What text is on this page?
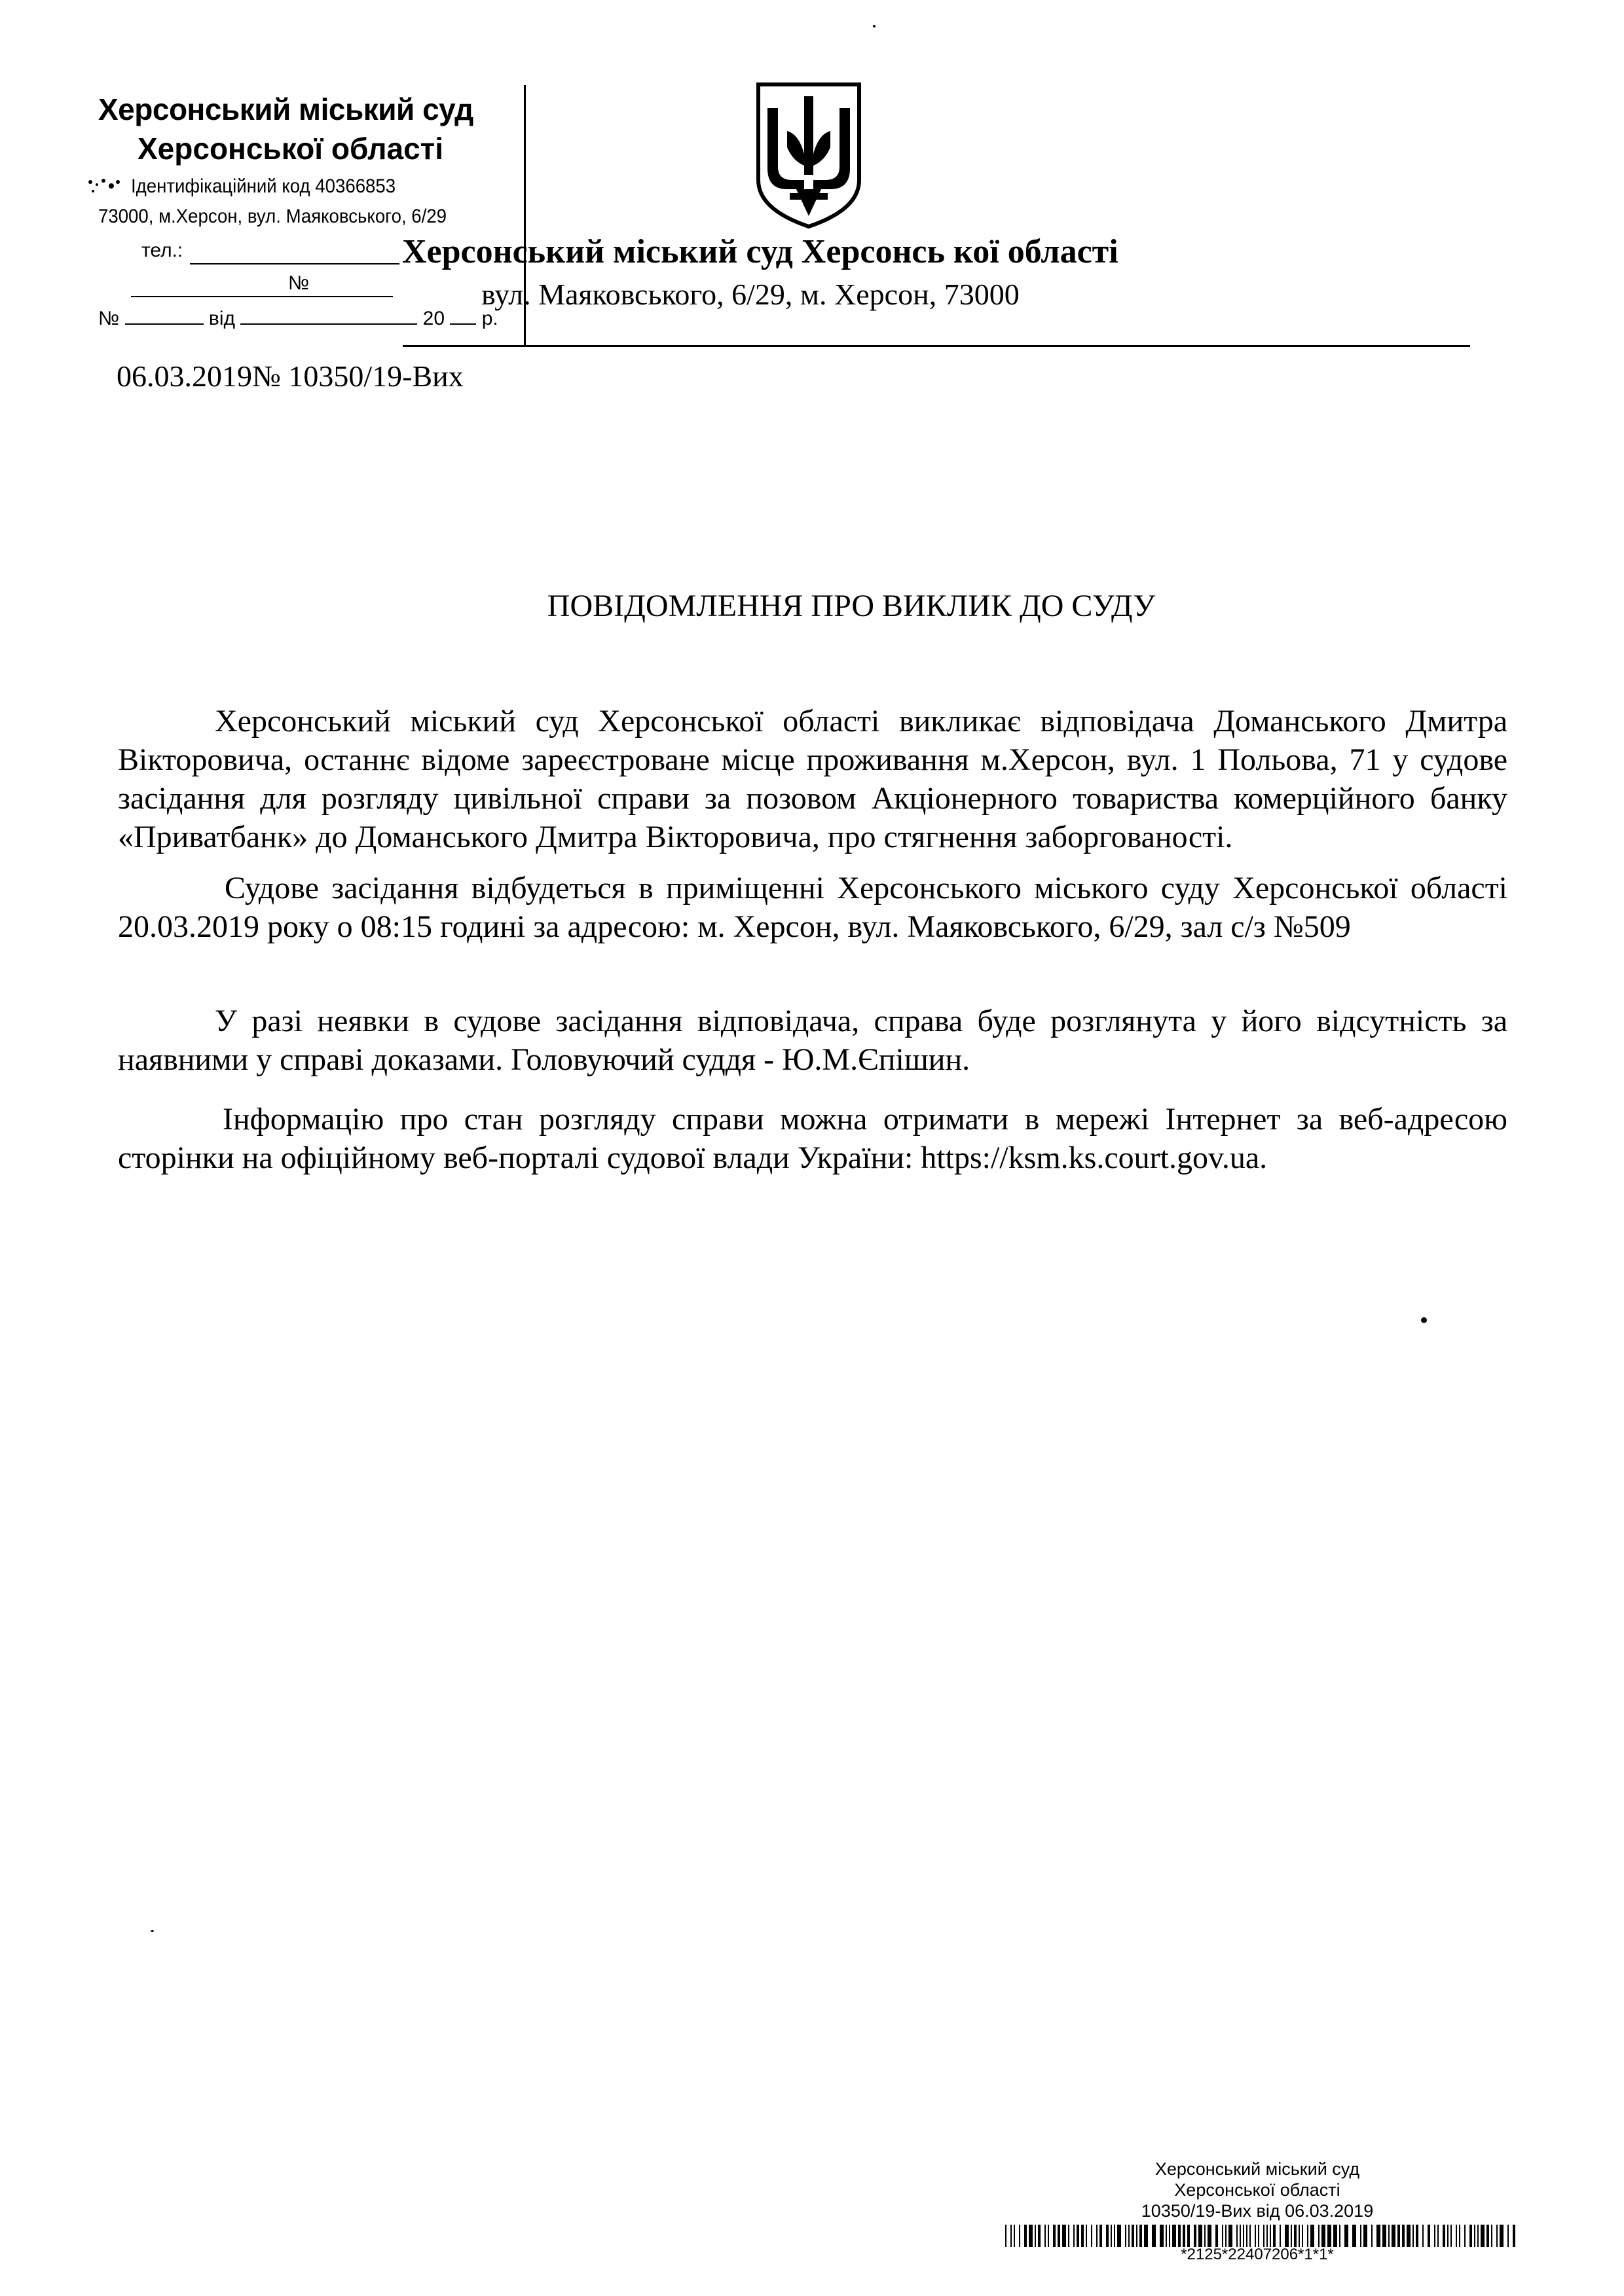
Херсонський міський суд
Херсонської області
Ідентифікаційний код 40366853
73000, м.Херсон, вул. Маяковського, 6/29
тел.:
№
№	від	20 р.
Херсонський міський суд Херсонсь кої області
вул. Маяковського, 6/29, м. Херсон, 73000
06.03.2019№ 10350/19-Вих
ПОВІДОМЛЕННЯ ПРО ВИКЛИК ДО СУДУ

Херсонський міський суд Херсонської області викликає відповідача Доманського Дмитра Вікторовича, останнє відоме зареєстроване місце проживання м.Херсон, вул. 1 Польова, 71 у судове засідання для розгляду цивільної справи за позовом Акціонерного товариства комерційного банку «Приватбанк» до Доманського Дмитра Вікторовича, про стягнення заборгованості.

Судове засідання відбудеться в приміщенні Херсонського міського суду Херсонської області 20.03.2019 року о 08:15 годині за адресою: м. Херсон, вул. Маяковського, 6/29, зал с/з №509

У разі неявки в судове засідання відповідача, справа буде розглянута у його відсутність за наявними у справі доказами. Головуючий суддя - Ю.М.Єпішин.

Інформацію про стан розгляду справи можна отримати в мережі Інтернет за веб-адресою сторінки на офіційному веб-порталі судової влади України: https://ksm.ks.court.gov.ua.

Херсонський міський суд
Херсонської області
10350/19-Вих від 06.03.2019
*2125*22407206*1*1*
